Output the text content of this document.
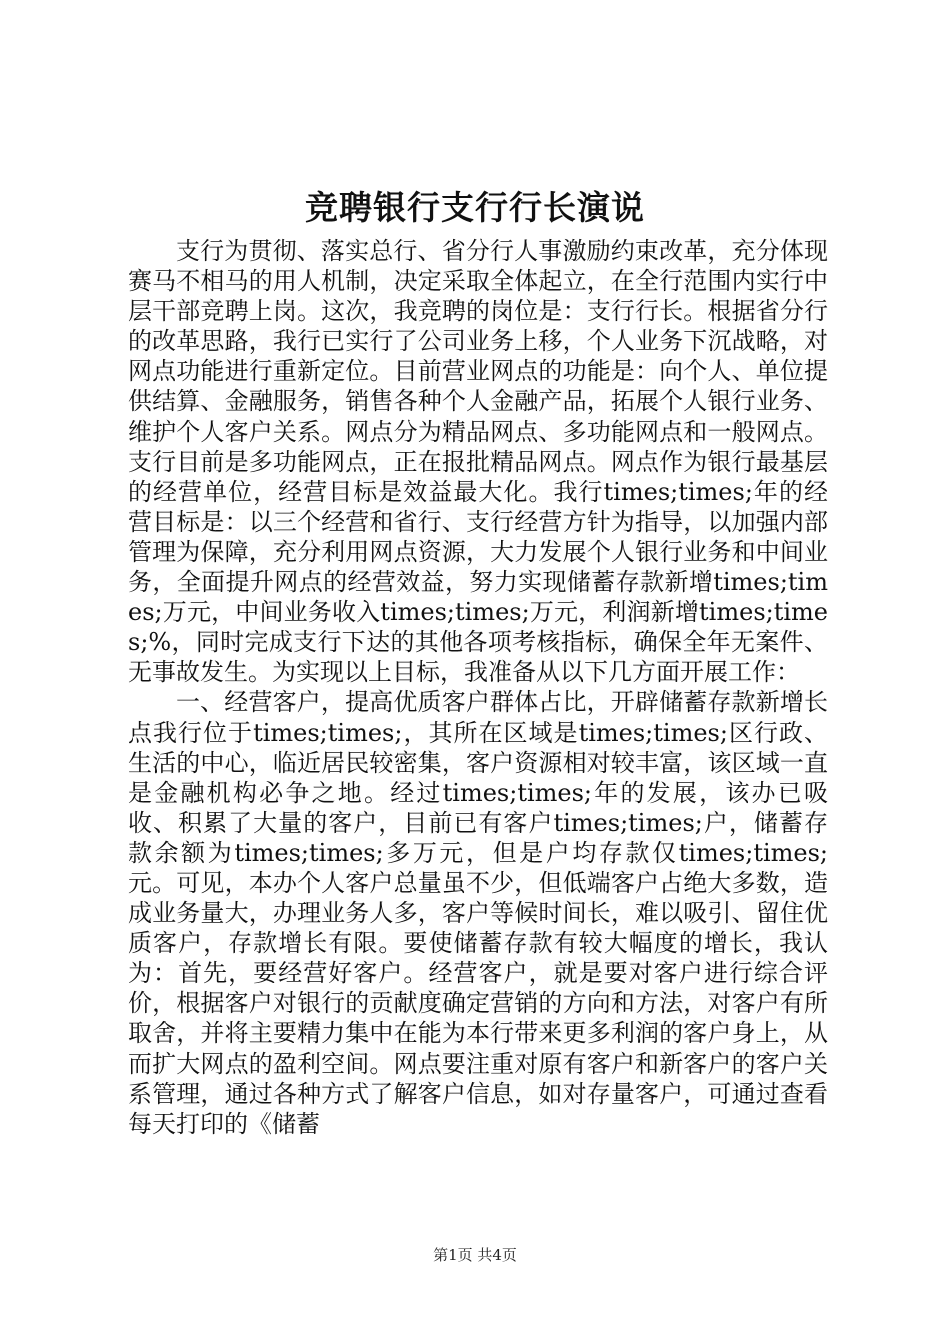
竞聘银行支行行长演说

支行为贯彻、落实总行、省分行人事激励约束改革，充分体现赛马不相马的用人机制，决定采取全体起立，在全行范围内实行中层干部竞聘上岗。这次，我竞聘的岗位是：支行行长。根据省分行的改革思路，我行已实行了公司业务上移，个人业务下沉战略，对网点功能进行重新定位。目前营业网点的功能是：向个人、单位提供结算、金融服务，销售各种个人金融产品，拓展个人银行业务、维护个人客户关系。网点分为精品网点、多功能网点和一般网点。支行目前是多功能网点，正在报批精品网点。网点作为银行最基层的经营单位，经营目标是效益最大化。我行times;times;年的经营目标是：以三个经营和省行、支行经营方针为指导，以加强内部管理为保障，充分利用网点资源，大力发展个人银行业务和中间业务，全面提升网点的经营效益，努力实现储蓄存款新增times;times;万元，中间业务收入times;times;万元，利润新增times;times;%，同时完成支行下达的其他各项考核指标，确保全年无案件、无事故发生。为实现以上目标，我准备从以下几方面开展工作：

一、经营客户，提高优质客户群体占比，开辟储蓄存款新增长点我行位于times;times;，其所在区域是times;times;区行政、生活的中心，临近居民较密集，客户资源相对较丰富，该区域一直是金融机构必争之地。经过times;times;年的发展，该办已吸收、积累了大量的客户，目前已有客户times;times;户，储蓄存款余额为times;times;多万元，但是户均存款仅times;times;元。可见，本办个人客户总量虽不少，但低端客户占绝大多数，造成业务量大，办理业务人多，客户等候时间长，难以吸引、留住优质客户，存款增长有限。要使储蓄存款有较大幅度的增长，我认为：首先，要经营好客户。经营客户，就是要对客户进行综合评价，根据客户对银行的贡献度确定营销的方向和方法，对客户有所取舍，并将主要精力集中在能为本行带来更多利润的客户身上，从而扩大网点的盈利空间。网点要注重对原有客户和新客户的客户关系管理，通过各种方式了解客户信息，如对存量客户，可通过查看每天打印的《储蓄

第1页 共4页
